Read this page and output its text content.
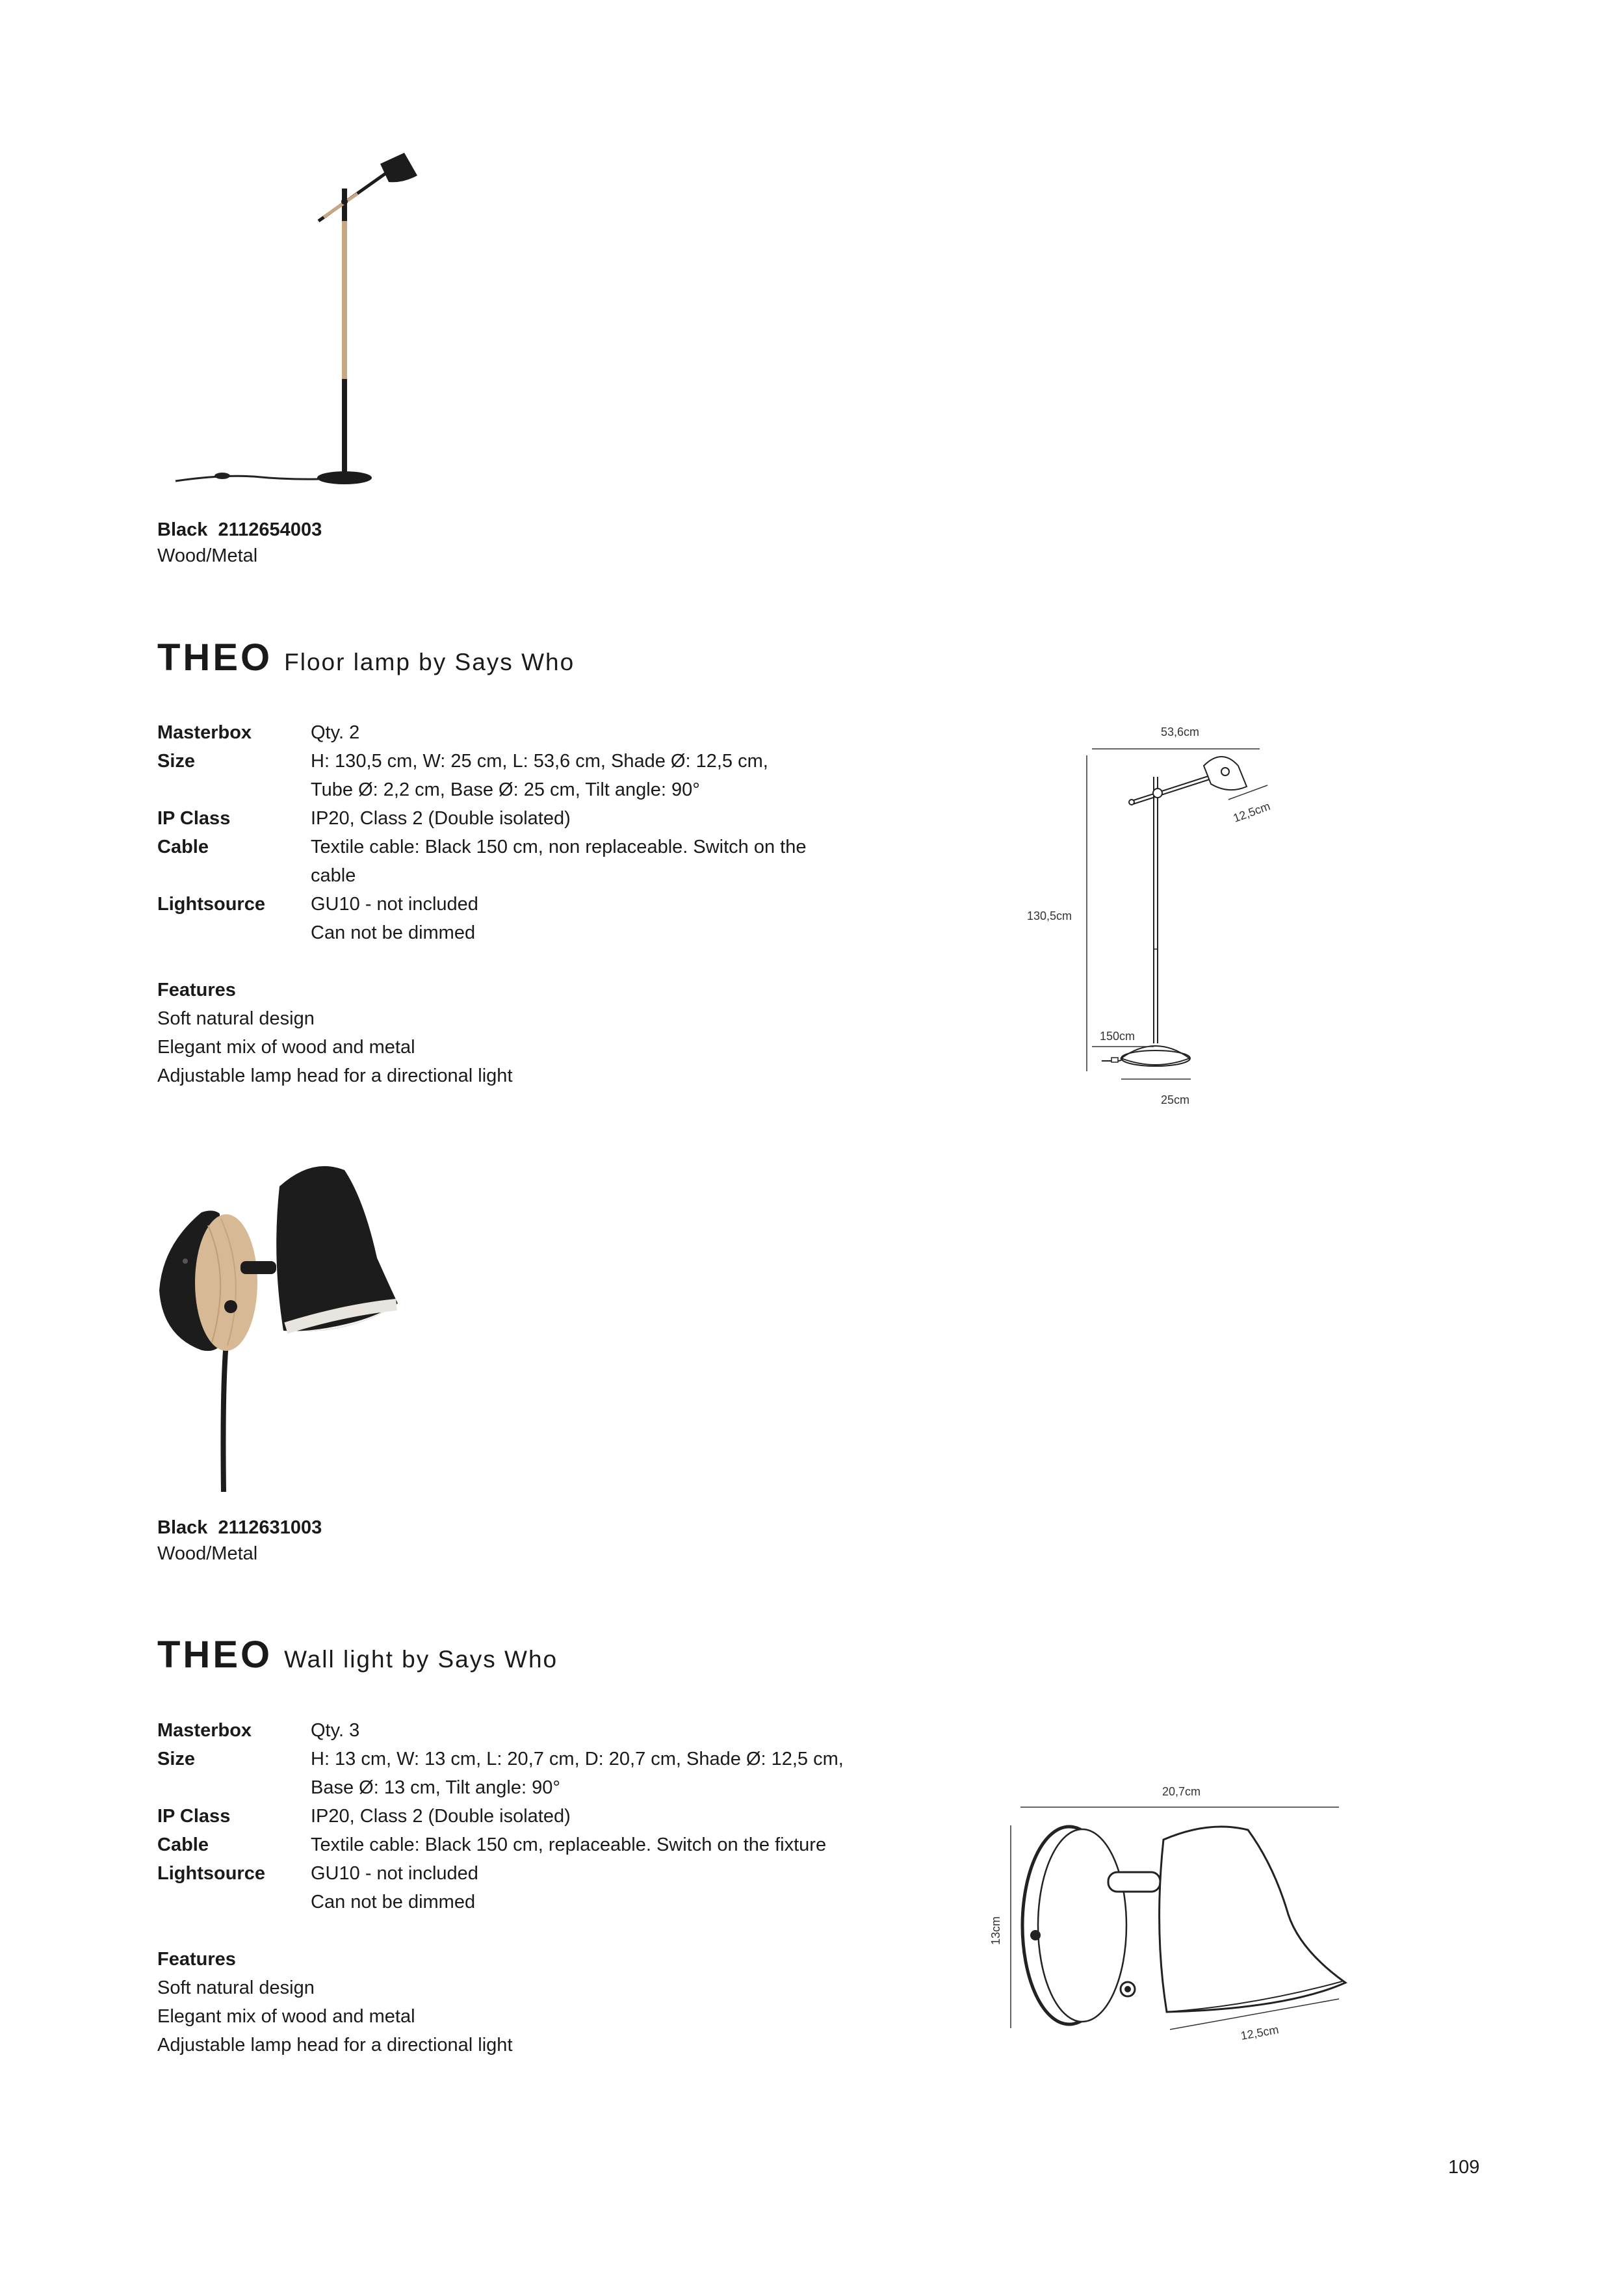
Black 2112654003
Wood/Metal
THEO Floor lamp by Says Who
Masterbox	Qty. 2
Size	H: 130,5 cm, W: 25 cm, L: 53,6 cm, Shade Ø: 12,5 cm,
Tube Ø: 2,2 cm, Base Ø: 25 cm, Tilt angle: 90°
IP Class	IP20, Class 2 (Double isolated)
Cable	Textile cable: Black 150 cm, non replaceable. Switch on the
cable
Lightsource GU10 - not included
Can not be dimmed
Features
Soft natural design
Elegant mix of wood and metal
Adjustable lamp head for a directional light
53,6cm
130,5cm
12,5cm
150cm
25cm
Black 2112631003
Wood/Metal
THEO Wall light by Says Who
Masterbox	Qty. 3
Size	H: 13 cm, W: 13 cm, L: 20,7 cm, D: 20,7 cm, Shade Ø: 12,5 cm,
Base Ø: 13 cm, Tilt angle: 90°
IP Class	IP20, Class 2 (Double isolated)
Cable	Textile cable: Black 150 cm, replaceable. Switch on the fixture
Lightsource GU10 - not included
Can not be dimmed
Features
Soft natural design
Elegant mix of wood and metal
Adjustable lamp head for a directional light
20,7cm
13cm
12,5cm
109
